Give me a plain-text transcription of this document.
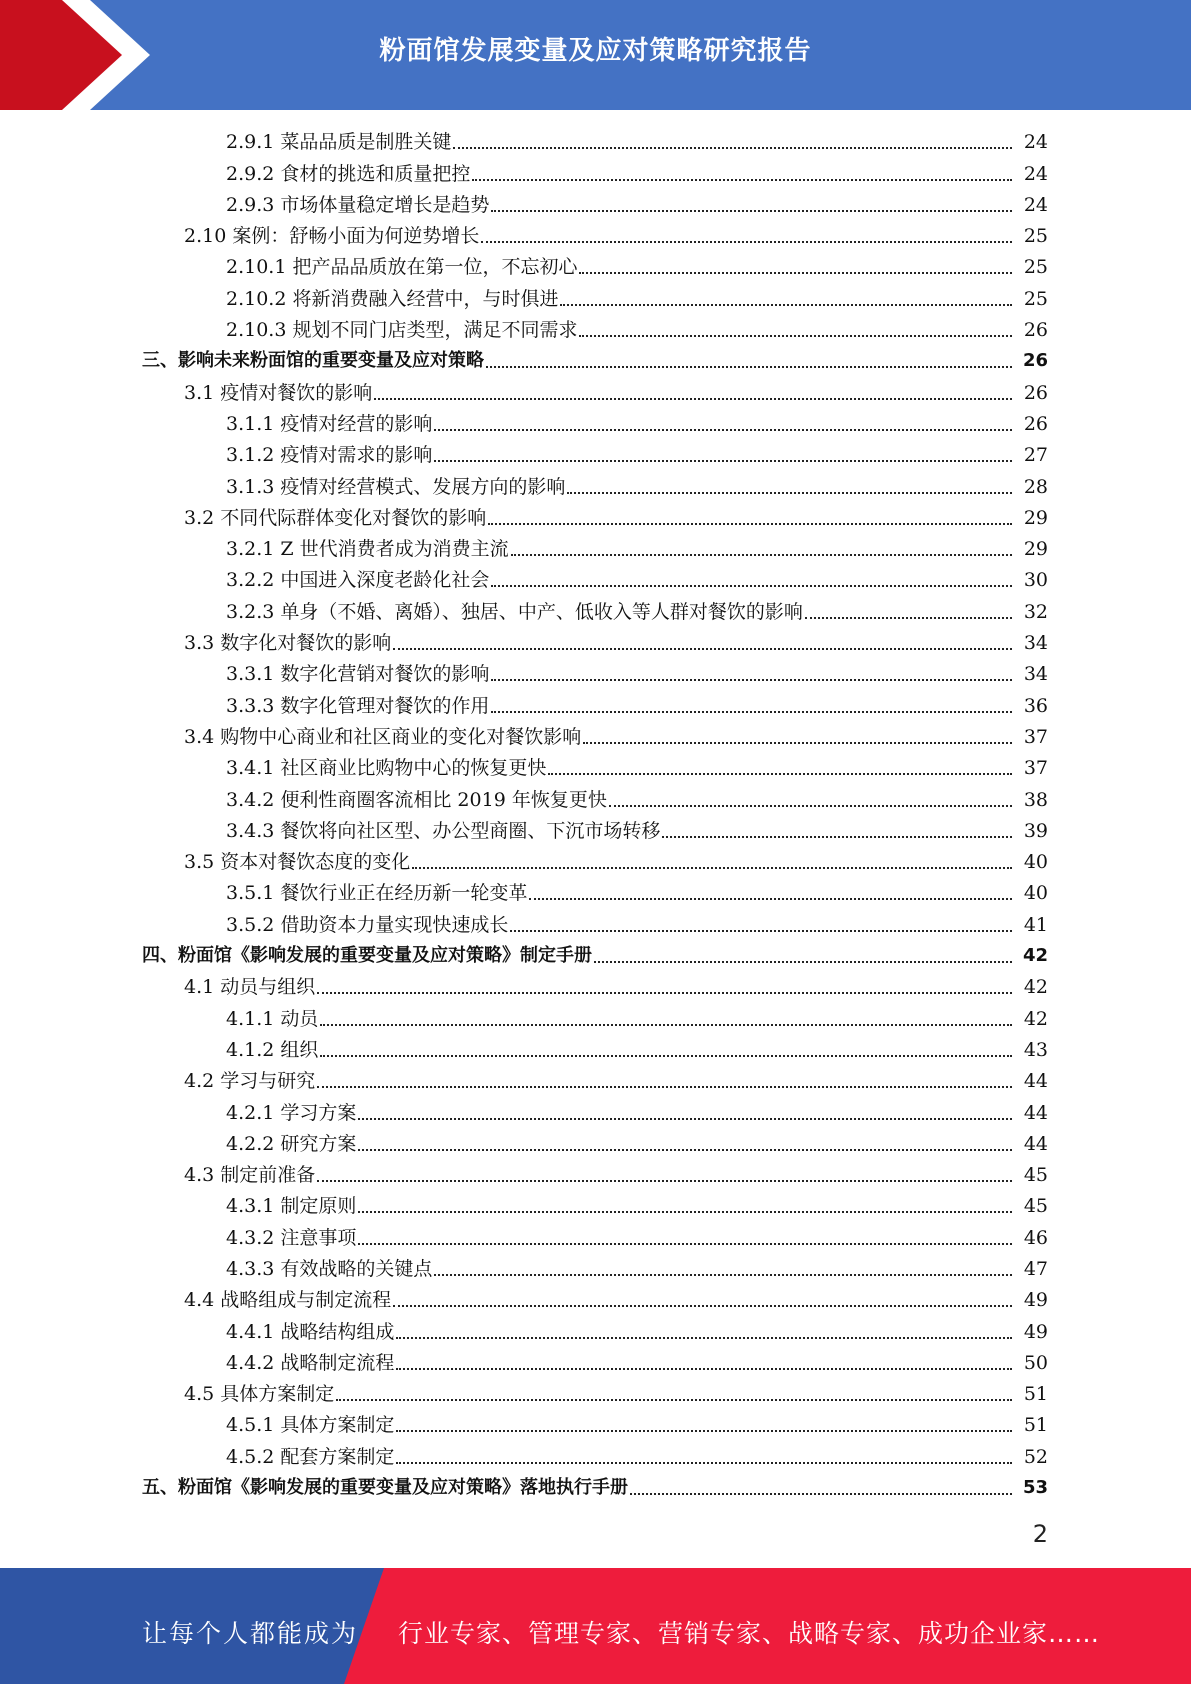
粉面馆发展变量及应对策略研究报告
2.9.1 菜品品质是制胜关键	24
2.9.2 食材的挑选和质量把控	24
2.9.3 市场体量稳定增长是趋势	24
2.10 案例：舒畅小面为何逆势增长	25
2.10.1 把产品品质放在第一位，不忘初心	25
2.10.2 将新消费融入经营中，与时俱进	25
2.10.3 规划不同门店类型，满足不同需求	26
三、影响未来粉面馆的重要变量及应对策略	26
3.1 疫情对餐饮的影响	26
3.1.1 疫情对经营的影响	26
3.1.2 疫情对需求的影响	27
3.1.3 疫情对经营模式、发展方向的影响	28
3.2 不同代际群体变化对餐饮的影响	29
3.2.1 Z 世代消费者成为消费主流	29
3.2.2 中国进入深度老龄化社会	30
3.2.3 单身（不婚、离婚）、独居、中产、低收入等人群对餐饮的影响	32
3.3 数字化对餐饮的影响	34
3.3.1 数字化营销对餐饮的影响	34
3.3.3 数字化管理对餐饮的作用	36
3.4 购物中心商业和社区商业的变化对餐饮影响	37
3.4.1 社区商业比购物中心的恢复更快	37
3.4.2 便利性商圈客流相比 2019 年恢复更快	38
3.4.3 餐饮将向社区型、办公型商圈、下沉市场转移	39
3.5 资本对餐饮态度的变化	40
3.5.1 餐饮行业正在经历新一轮变革	40
3.5.2 借助资本力量实现快速成长	41
四、粉面馆《影响发展的重要变量及应对策略》制定手册	42
4.1 动员与组织	42
4.1.1 动员	42
4.1.2 组织	43
4.2 学习与研究	44
4.2.1 学习方案	44
4.2.2 研究方案	44
4.3 制定前准备	45
4.3.1 制定原则	45
4.3.2 注意事项	46
4.3.3 有效战略的关键点	47
4.4 战略组成与制定流程	49
4.4.1 战略结构组成	49
4.4.2 战略制定流程	50
4.5 具体方案制定	51
4.5.1 具体方案制定	51
4.5.2 配套方案制定	52
五、粉面馆《影响发展的重要变量及应对策略》落地执行手册	53
2
让每个人都能成为 行业专家、管理专家、营销专家、战略专家、成功企业家……
